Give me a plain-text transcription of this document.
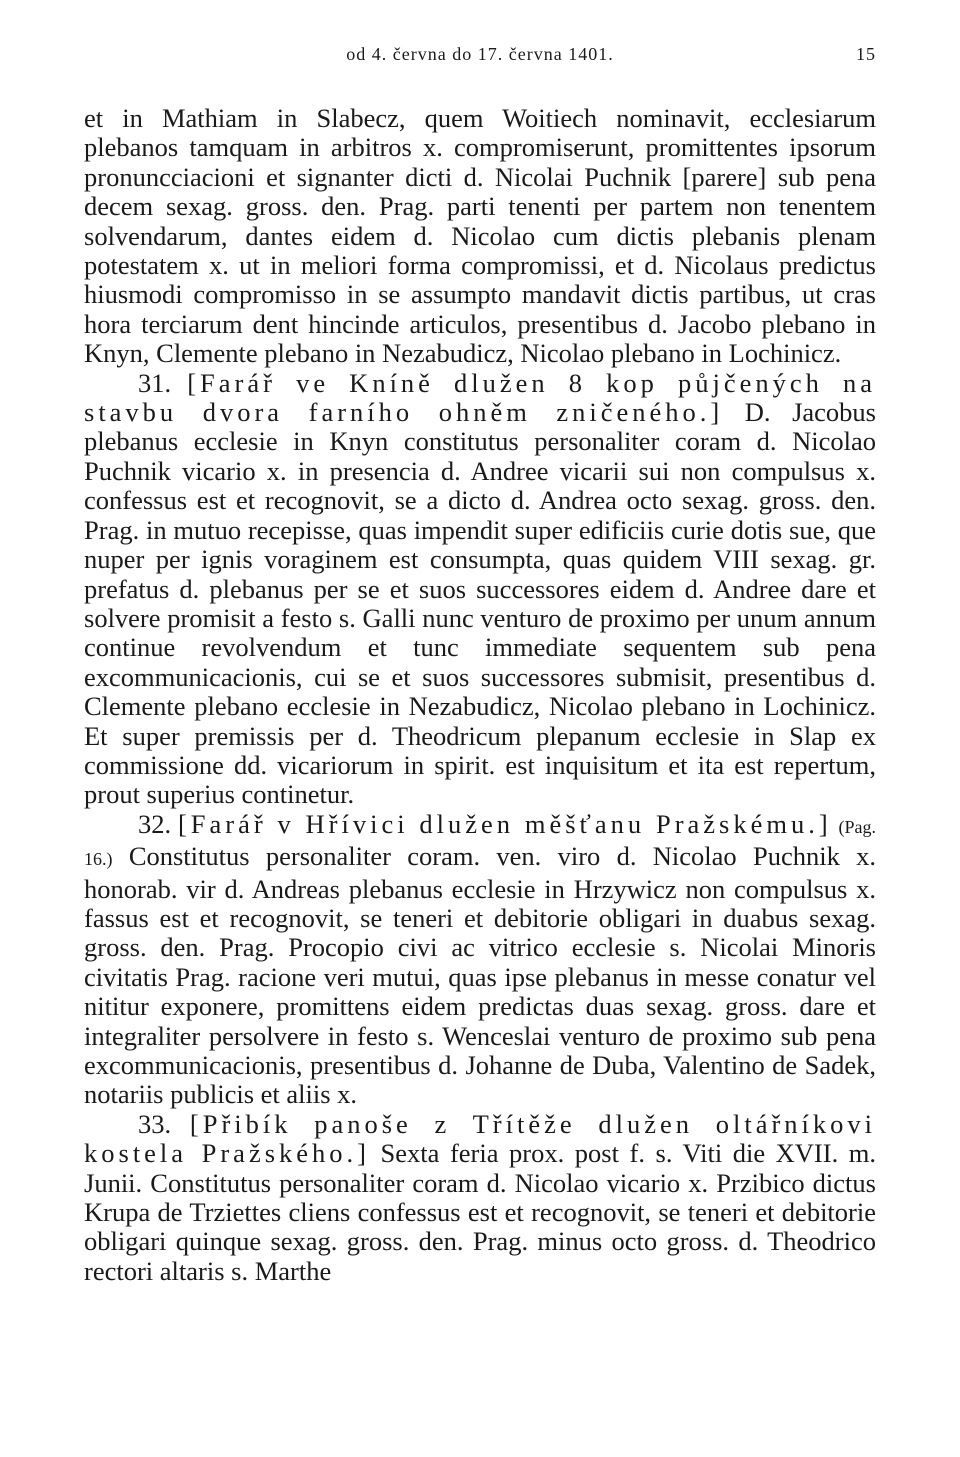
od 4. června do 17. června 1401.	15

et in Mathiam in Slabecz, quem Woitiech nominavit, ecclesiarum plebanos tamquam in arbitros x. compromiserunt, promittentes ipsorum pronuncciacioni et signanter dicti d. Nicolai Puchnik [parere] sub pena decem sexag. gross. den. Prag. parti tenenti per partem non tenentem solvendarum, dantes eidem d. Nicolao cum dictis plebanis plenam potestatem x. ut in meliori forma compromissi, et d. Nicolaus predictus hiusmodi compromisso in se assumpto mandavit dictis partibus, ut cras hora terciarum dent hincinde articulos, presentibus d. Jacobo plebano in Knyn, Clemente plebano in Nezabudicz, Nicolao plebano in Lochinicz.

31. [Farář ve Kníně dlužen 8 kop půjčených na stavbu dvora farního ohněm zničeného.] D. Jacobus plebanus ecclesie in Knyn constitutus personaliter coram d. Nicolao Puchnik vicario x. in presencia d. Andree vicarii sui non compulsus x. confessus est et recognovit, se a dicto d. Andrea octo sexag. gross. den. Prag. in mutuo recepisse, quas impendit super edificiis curie dotis sue, que nuper per ignis voraginem est consumpta, quas quidem VIII sexag. gr. prefatus d. plebanus per se et suos successores eidem d. Andree dare et solvere promisit a festo s. Galli nunc venturo de proximo per unum annum continue revolvendum et tunc immediate sequentem sub pena excommunicacionis, cui se et suos successores submisit, presentibus d. Clemente plebano ecclesie in Nezabudicz, Nicolao plebano in Lochinicz. Et super premissis per d. Theodricum plepanum ecclesie in Slap ex commissione dd. vicariorum in spirit. est inquisitum et ita est repertum, prout superius continetur.

32. [Farář v Hřívici dlužen měšťanu Pražskému.] (Pag. 16.) Constitutus personaliter coram. ven. viro d. Nicolao Puchnik x. honorab. vir d. Andreas plebanus ecclesie in Hrzywicz non compulsus x. fassus est et recognovit, se teneri et debitorie obligari in duabus sexag. gross. den. Prag. Procopio civi ac vitrico ecclesie s. Nicolai Minoris civitatis Prag. racione veri mutui, quas ipse plebanus in messe conatur vel nititur exponere, promittens eidem predictas duas sexag. gross. dare et integraliter persolvere in festo s. Wenceslai venturo de proximo sub pena excommunicacionis, presentibus d. Johanne de Duba, Valentino de Sadek, notariis publicis et aliis x.

33. [Přibík panoše z Třítěže dlužen oltářníkovi kostela Pražského.] Sexta feria prox. post f. s. Viti die XVII. m. Junii. Constitutus personaliter coram d. Nicolao vicario x. Przibico dictus Krupa de Trziettes cliens confessus est et recognovit, se teneri et debitorie obligari quinque sexag. gross. den. Prag. minus octo gross. d. Theodrico rectori altaris s. Marthe
